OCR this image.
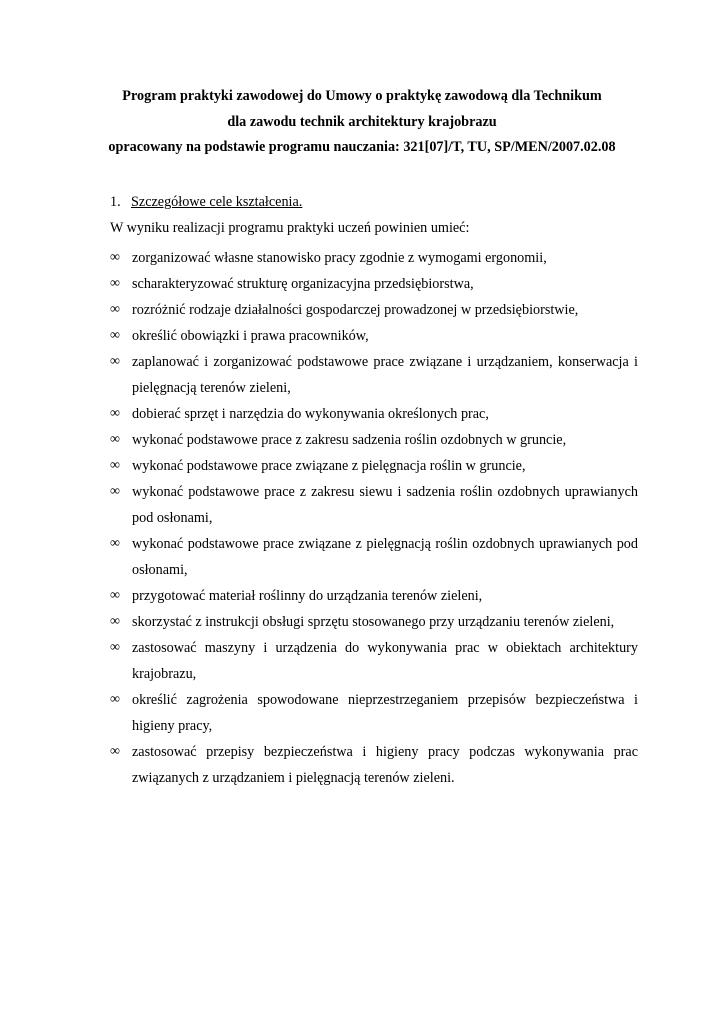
Program praktyki zawodowej do Umowy o praktykę zawodową dla Technikum
dla zawodu technik architektury krajobrazu
opracowany na podstawie programu nauczania: 321[07]/T, TU, SP/MEN/2007.02.08
1. Szczegółowe cele kształcenia.
W wyniku realizacji programu praktyki uczeń powinien umieć:
∞ zorganizować własne stanowisko pracy zgodnie z wymogami ergonomii,
∞ scharakteryzować strukturę organizacyjna przedsiębiorstwa,
∞ rozróżnić rodzaje działalności gospodarczej prowadzonej w przedsiębiorstwie,
∞ określić obowiązki i prawa pracowników,
∞ zaplanować i zorganizować podstawowe prace związane i urządzaniem, konserwacja i pielęgnacją terenów zieleni,
∞ dobierać sprzęt i narzędzia do wykonywania określonych prac,
∞ wykonać podstawowe prace z zakresu sadzenia roślin ozdobnych w gruncie,
∞ wykonać podstawowe prace związane z pielęgnacja roślin w gruncie,
∞ wykonać podstawowe prace z zakresu siewu i sadzenia roślin ozdobnych uprawianych pod osłonami,
∞ wykonać podstawowe prace związane z pielęgnacją roślin ozdobnych uprawianych pod osłonami,
∞ przygotować materiał roślinny do urządzania terenów zieleni,
∞ skorzystać z instrukcji obsługi sprzętu stosowanego przy urządzaniu terenów zieleni,
∞ zastosować maszyny i urządzenia do wykonywania prac w obiektach architektury krajobrazu,
∞ określić zagrożenia spowodowane nieprzestrzeganiem przepisów bezpieczeństwa i higieny pracy,
∞ zastosować przepisy bezpieczeństwa i higieny pracy podczas wykonywania prac związanych z urządzaniem i pielęgnacją terenów zieleni.
